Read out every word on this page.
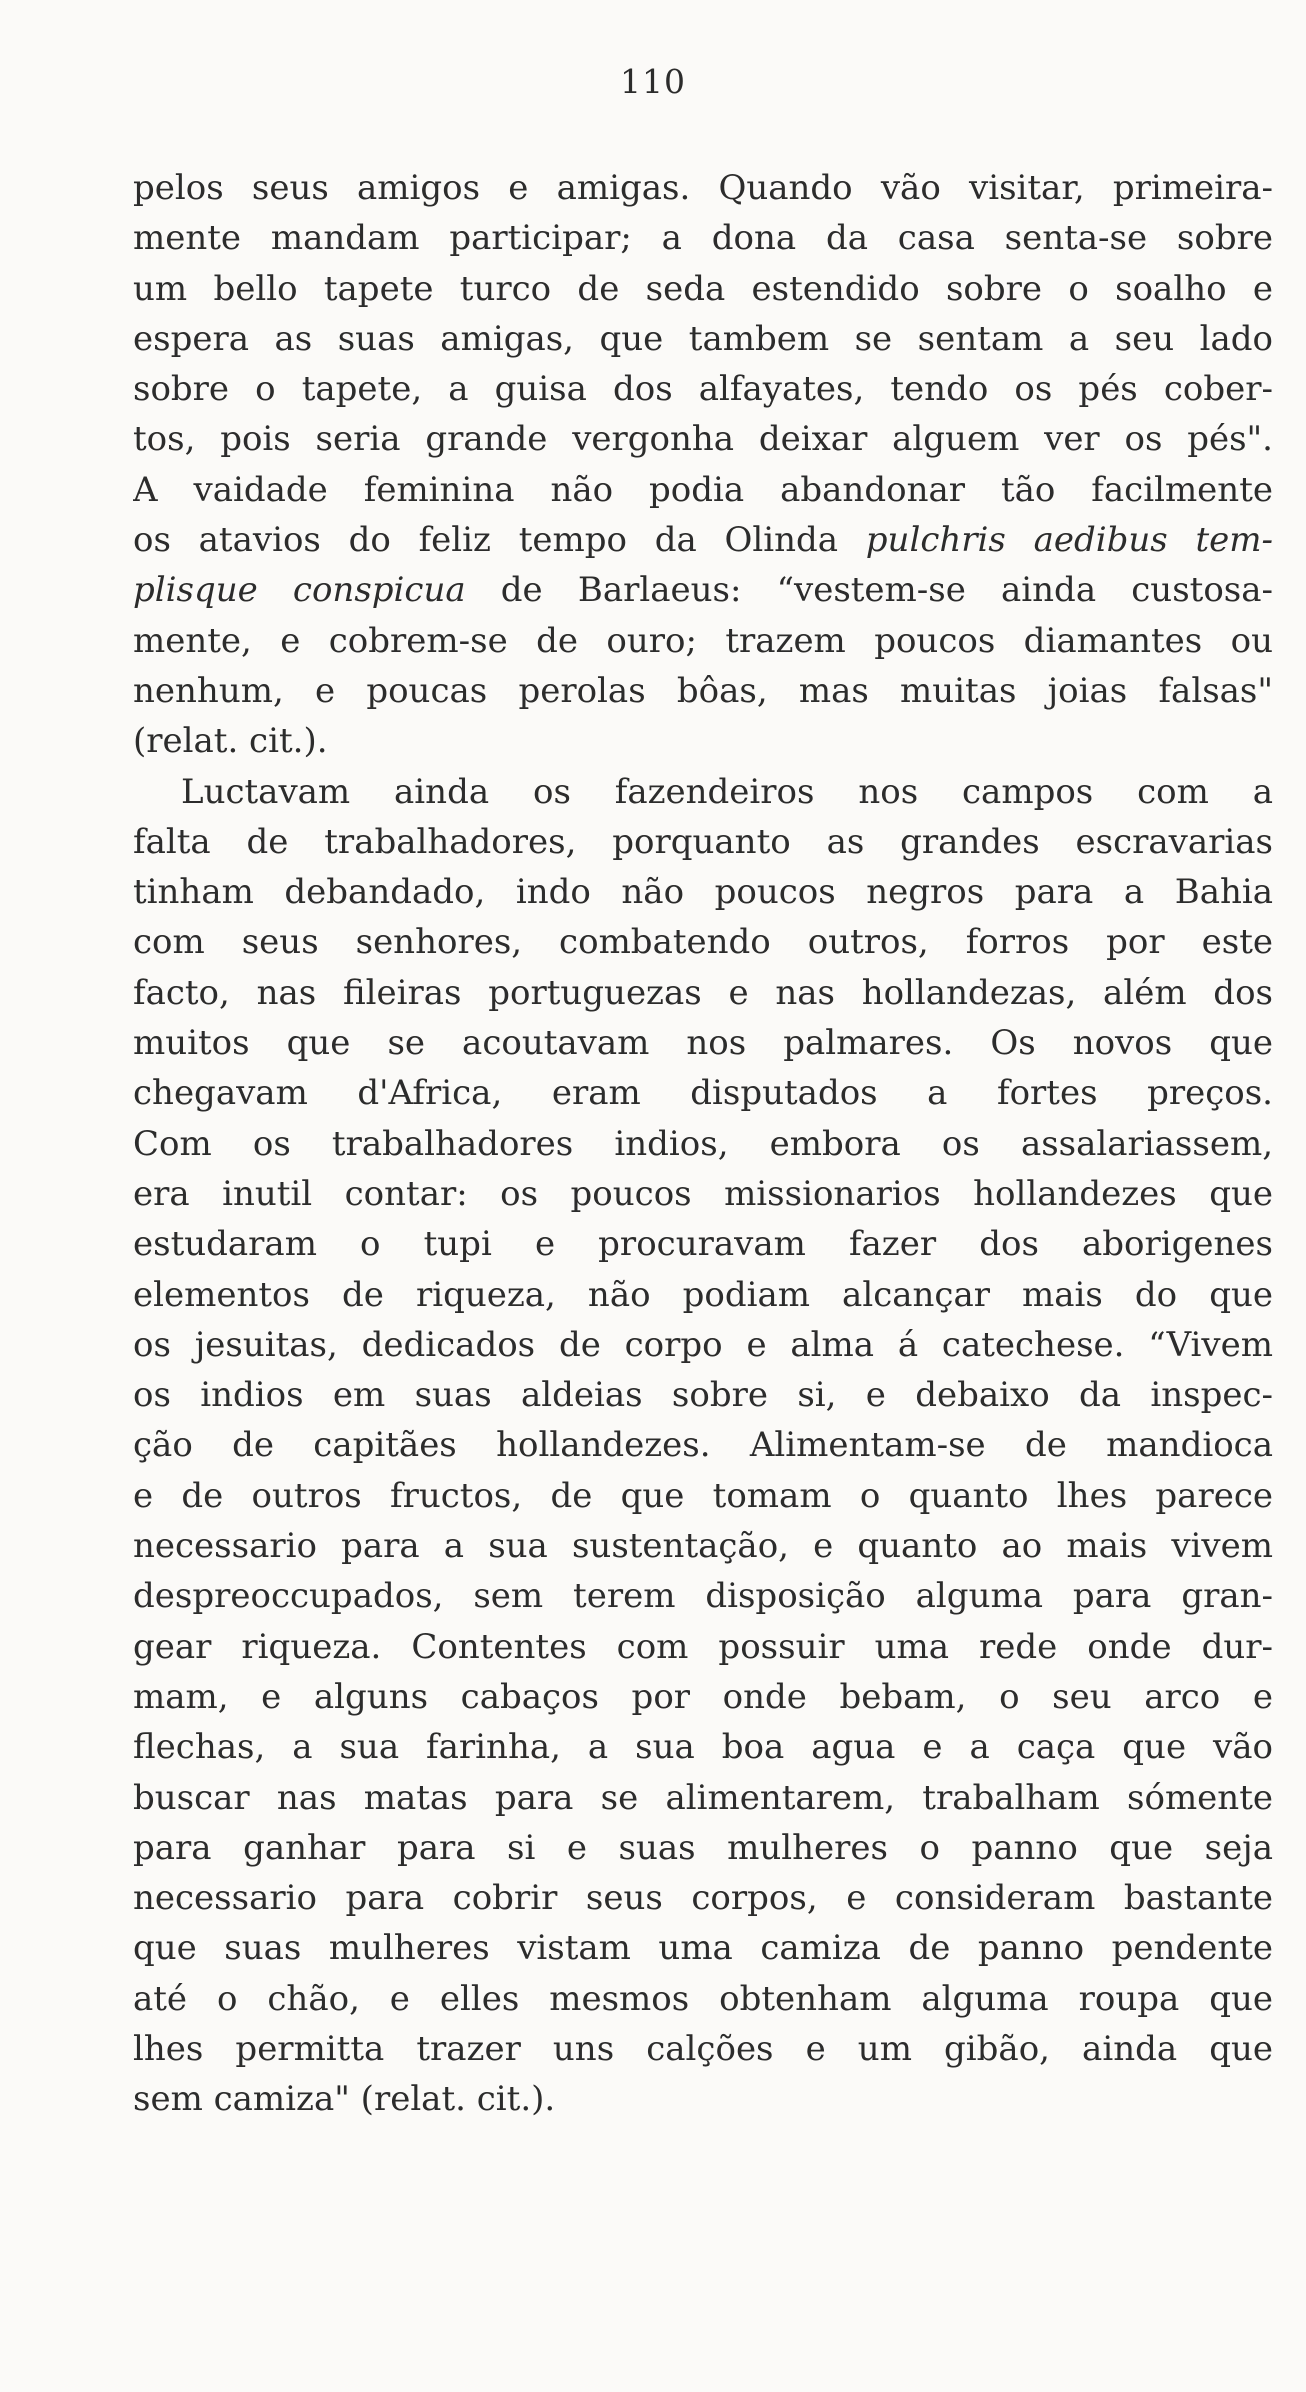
110
pelos seus amigos e amigas. Quando vão visitar, primeira-
mente mandam participar; a dona da casa senta-se sobre
um bello tapete turco de seda estendido sobre o soalho e
espera as suas amigas, que tambem se sentam a seu lado
sobre o tapete, a guisa dos alfayates, tendo os pés cober-
tos, pois seria grande vergonha deixar alguem ver os pés".
A vaidade feminina não podia abandonar tão facilmente
os atavios do feliz tempo da Olinda pulchris aedibus tem-
plisque conspicua de Barlaeus: “vestem-se ainda custosa-
mente, e cobrem-se de ouro; trazem poucos diamantes ou
nenhum, e poucas perolas bôas, mas muitas joias falsas"
(relat. cit.).
Luctavam ainda os fazendeiros nos campos com a
falta de trabalhadores, porquanto as grandes escravarias
tinham debandado, indo não poucos negros para a Bahia
com seus senhores, combatendo outros, forros por este
facto, nas fileiras portuguezas e nas hollandezas, além dos
muitos que se acoutavam nos palmares. Os novos que
chegavam d'Africa, eram disputados a fortes preços.
Com os trabalhadores indios, embora os assalariassem,
era inutil contar: os poucos missionarios hollandezes que
estudaram o tupi e procuravam fazer dos aborigenes
elementos de riqueza, não podiam alcançar mais do que
os jesuitas, dedicados de corpo e alma á catechese. “Vivem
os indios em suas aldeias sobre si, e debaixo da inspec-
ção de capitães hollandezes. Alimentam-se de mandioca
e de outros fructos, de que tomam o quanto lhes parece
necessario para a sua sustentação, e quanto ao mais vivem
despreoccupados, sem terem disposição alguma para gran-
gear riqueza. Contentes com possuir uma rede onde dur-
mam, e alguns cabaços por onde bebam, o seu arco e
flechas, a sua farinha, a sua boa agua e a caça que vão
buscar nas matas para se alimentarem, trabalham sómente
para ganhar para si e suas mulheres o panno que seja
necessario para cobrir seus corpos, e consideram bastante
que suas mulheres vistam uma camiza de panno pendente
até o chão, e elles mesmos obtenham alguma roupa que
lhes permitta trazer uns calções e um gibão, ainda que
sem camiza" (relat. cit.).
